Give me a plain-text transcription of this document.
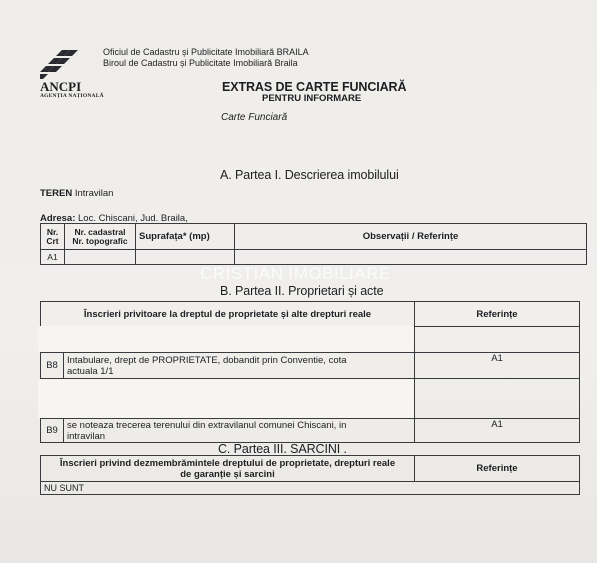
ANCPI
AGENȚIA NAȚIONALĂ
Oficiul de Cadastru și Publicitate Imobiliară BRAILA
Biroul de Cadastru și Publicitate Imobiliară Braila
EXTRAS DE CARTE FUNCIARĂ
PENTRU INFORMARE
Carte Funciară
A. Partea I. Descrierea imobilului
TEREN Intravilan
Adresa: Loc. Chiscani, Jud. Braila,
Nr. Crt	Nr. cadastral Nr. topografic	Suprafața* (mp)	Observații / Referințe
A1			
CRISTIAN IMOBILIARE
B. Partea II. Proprietari și acte
Înscrieri privitoare la dreptul de proprietate și alte drepturi reale		Referințe

B8	Intabulare, drept de PROPRIETATE, dobandit prin Conventie, cota
actuala 1/1	A1

B9	se noteaza trecerea terenului din extravilanul comunei Chiscani, in
intravilan	A1
C. Partea III. SARCINI .
Înscrieri privind dezmembrămintele dreptului de proprietate, drepturi reale
de garanție și sarcini	Referințe
NU SUNT
